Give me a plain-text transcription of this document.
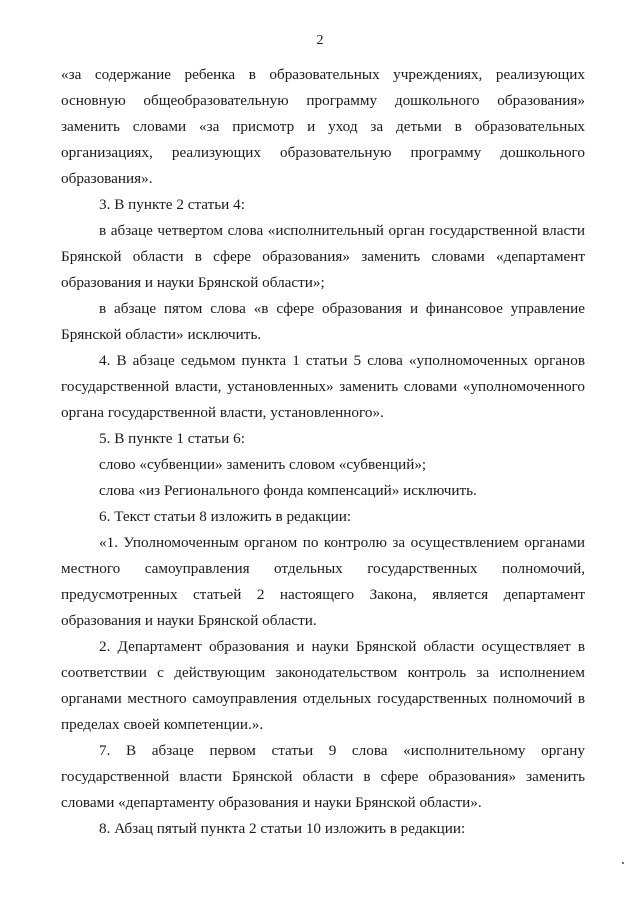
2

«за содержание ребенка в образовательных учреждениях, реализующих основную общеобразовательную программу дошкольного образования» заменить словами «за присмотр и уход за детьми в образовательных организациях, реализующих образовательную программу дошкольного образования».

3. В пункте 2 статьи 4:

в абзаце четвертом слова «исполнительный орган государственной власти Брянской области в сфере образования» заменить словами «департамент образования и науки Брянской области»;

в абзаце пятом слова «в сфере образования и финансовое управление Брянской области» исключить.

4. В абзаце седьмом пункта 1 статьи 5 слова «уполномоченных органов государственной власти, установленных» заменить словами «уполномоченного органа государственной власти, установленного».

5. В пункте 1 статьи 6:

слово «субвенции» заменить словом «субвенций»;

слова «из Регионального фонда компенсаций» исключить.

6. Текст статьи 8 изложить в редакции:

«1. Уполномоченным органом по контролю за осуществлением органами местного самоуправления отдельных государственных полномочий, предусмотренных статьей 2 настоящего Закона, является департамент образования и науки Брянской области.

2. Департамент образования и науки Брянской области осуществляет в соответствии с действующим законодательством контроль за исполнением органами местного самоуправления отдельных государственных полномочий в пределах своей компетенции.».

7. В абзаце первом статьи 9 слова «исполнительному органу государственной власти Брянской области в сфере образования» заменить словами «департаменту образования и науки Брянской области».

8. Абзац пятый пункта 2 статьи 10 изложить в редакции:
